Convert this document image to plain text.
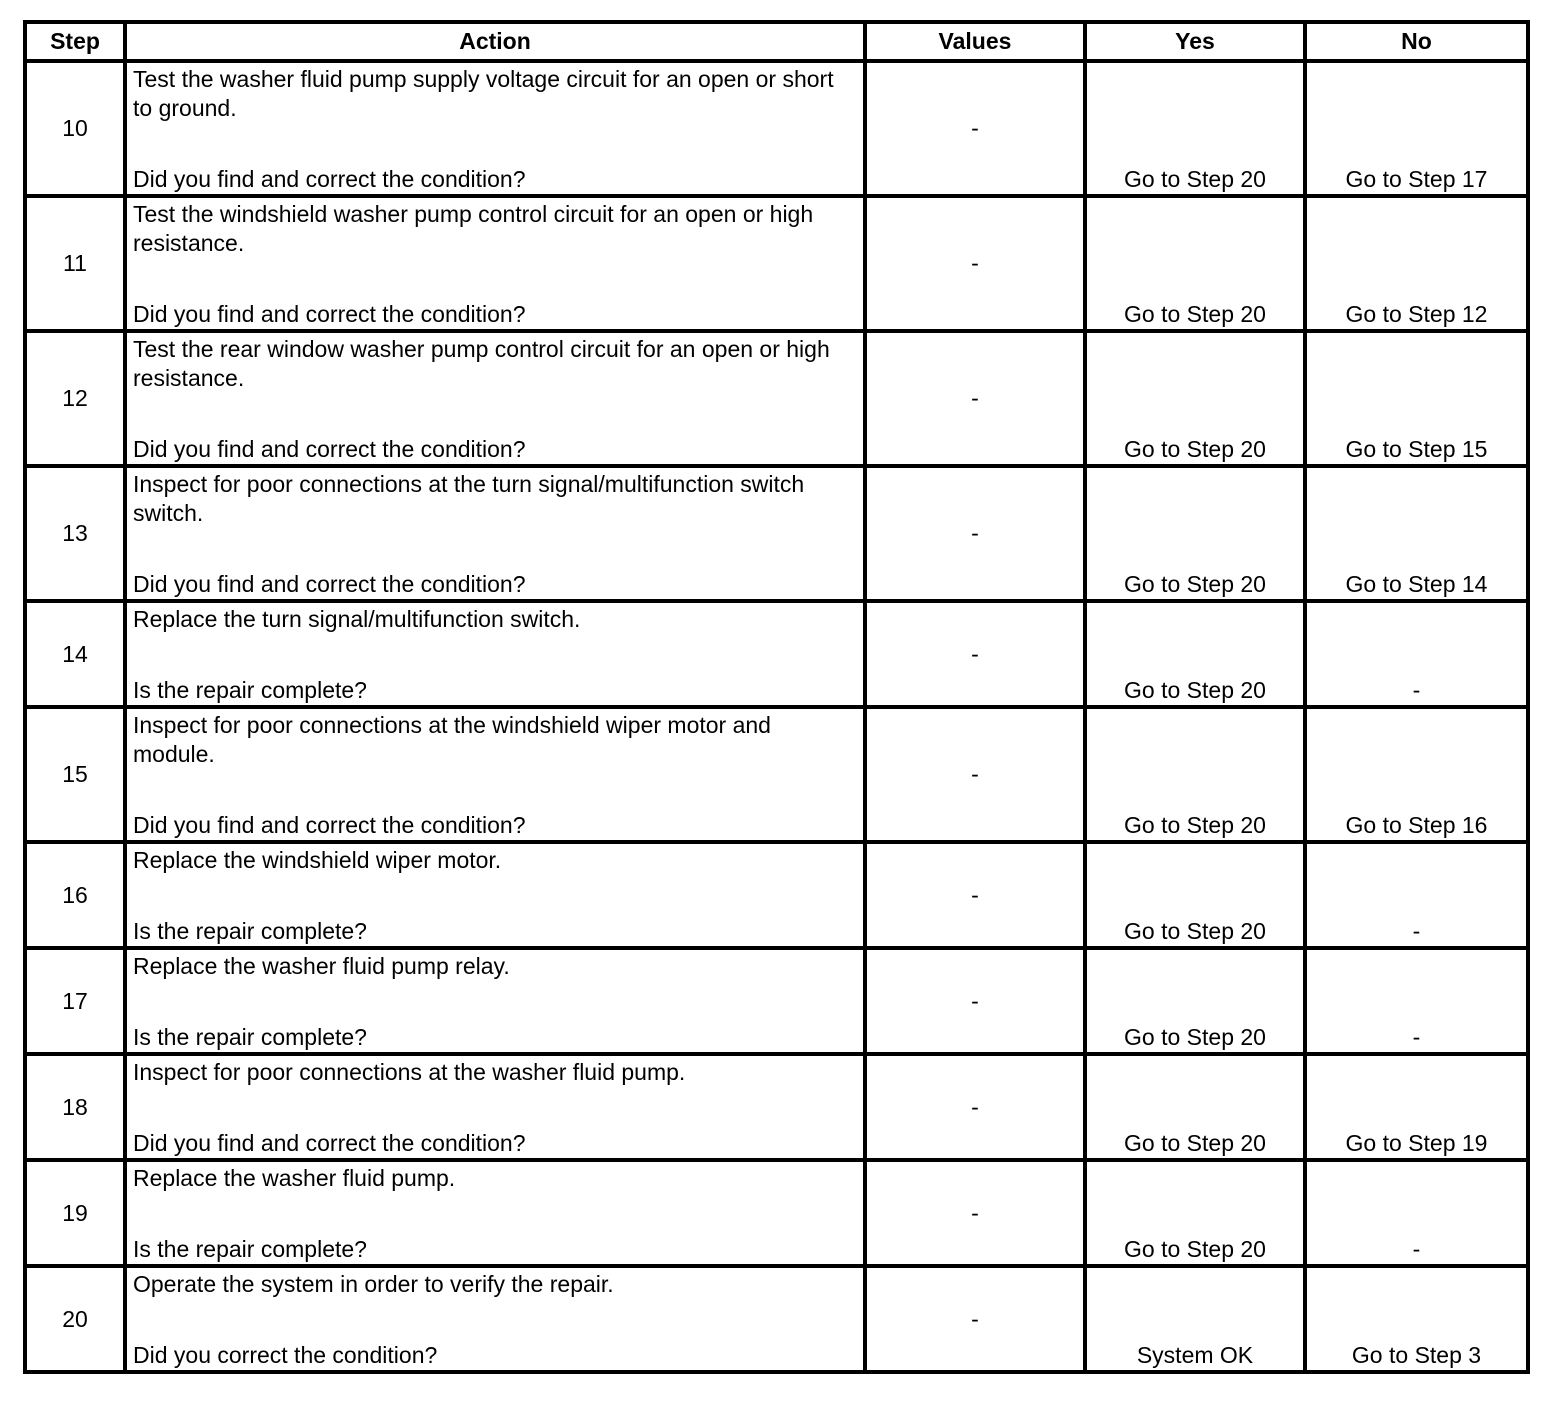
Step	Action	Values	Yes	No
10	Test the washer fluid pump supply voltage circuit for an open or short to ground.
Did you find and correct the condition?	-	Go to Step 20	Go to Step 17
11	Test the windshield washer pump control circuit for an open or high resistance.
Did you find and correct the condition?	-	Go to Step 20	Go to Step 12
12	Test the rear window washer pump control circuit for an open or high resistance.
Did you find and correct the condition?	-	Go to Step 20	Go to Step 15
13	Inspect for poor connections at the turn signal/multifunction switch switch.
Did you find and correct the condition?	-	Go to Step 20	Go to Step 14
14	Replace the turn signal/multifunction switch.
Is the repair complete?	-	Go to Step 20	-
15	Inspect for poor connections at the windshield wiper motor and module.
Did you find and correct the condition?	-	Go to Step 20	Go to Step 16
16	Replace the windshield wiper motor.
Is the repair complete?	-	Go to Step 20	-
17	Replace the washer fluid pump relay.
Is the repair complete?	-	Go to Step 20	-
18	Inspect for poor connections at the washer fluid pump.
Did you find and correct the condition?	-	Go to Step 20	Go to Step 19
19	Replace the washer fluid pump.
Is the repair complete?	-	Go to Step 20	-
20	Operate the system in order to verify the repair.
Did you correct the condition?	-	System OK	Go to Step 3
